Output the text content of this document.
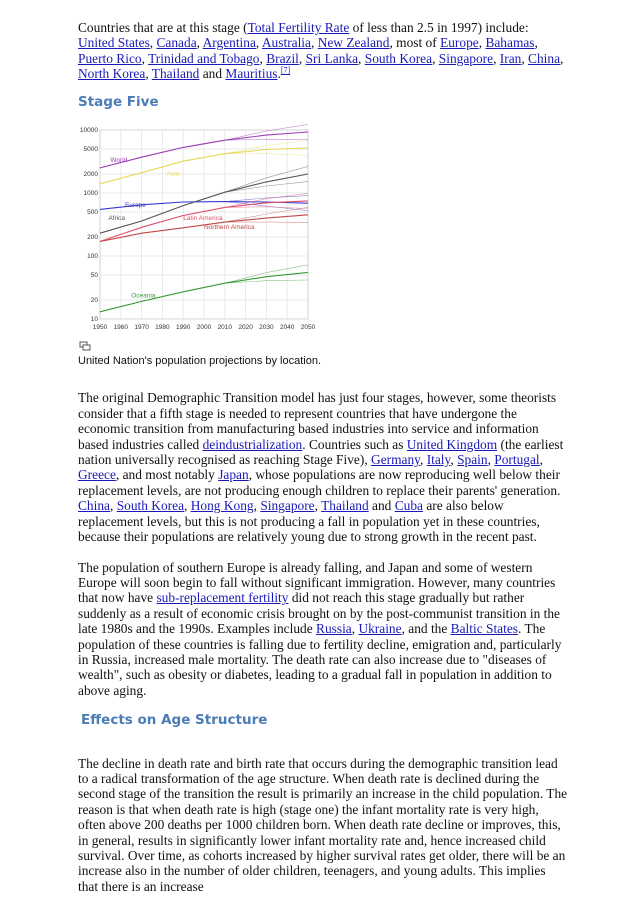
Countries that are at this stage (Total Fertility Rate of less than 2.5 in 1997) include: United States, Canada, Argentina, Australia, New Zealand, most of Europe, Bahamas, Puerto Rico, Trinidad and Tobago, Brazil, Sri Lanka, South Korea, Singapore, Iran, China, North Korea, Thailand and Mauritius.[7]

Stage Five
United Nation's population projections by location.

The original Demographic Transition model has just four stages, however, some theorists consider that a fifth stage is needed to represent countries that have undergone the economic transition from manufacturing based industries into service and information based industries called deindustrialization. Countries such as United Kingdom (the earliest nation universally recognised as reaching Stage Five), Germany, Italy, Spain, Portugal, Greece, and most notably Japan, whose populations are now reproducing well below their replacement levels, are not producing enough children to replace their parents' generation. China, South Korea, Hong Kong, Singapore, Thailand and Cuba are also below replacement levels, but this is not producing a fall in population yet in these countries, because their populations are relatively young due to strong growth in the recent past.

The population of southern Europe is already falling, and Japan and some of western Europe will soon begin to fall without significant immigration. However, many countries that now have sub-replacement fertility did not reach this stage gradually but rather suddenly as a result of economic crisis brought on by the post-communist transition in the late 1980s and the 1990s. Examples include Russia, Ukraine, and the Baltic States. The population of these countries is falling due to fertility decline, emigration and, particularly in Russia, increased male mortality. The death rate can also increase due to "diseases of wealth", such as obesity or diabetes, leading to a gradual fall in population in addition to above aging.

Effects on Age Structure

The decline in death rate and birth rate that occurs during the demographic transition lead to a radical transformation of the age structure. When death rate is declined during the second stage of the transition the result is primarily an increase in the child population. The reason is that when death rate is high (stage one) the infant mortality rate is very high, often above 200 deaths per 1000 children born. When death rate decline or improves, this, in general, results in significantly lower infant mortality rate and, hence increased child survival. Over time, as cohorts increased by higher survival rates get older, there will be an increase also in the number of older children, teenagers, and young adults. This implies that there is an increase

1950 1960 1970 1980 1990 2000 2010 2020 2030 2040 2050
10000
5000
2000
1000
500
200
100
50
20
10
World
Asia
Europe
Africa	Latin America
Northern America
Oceania
